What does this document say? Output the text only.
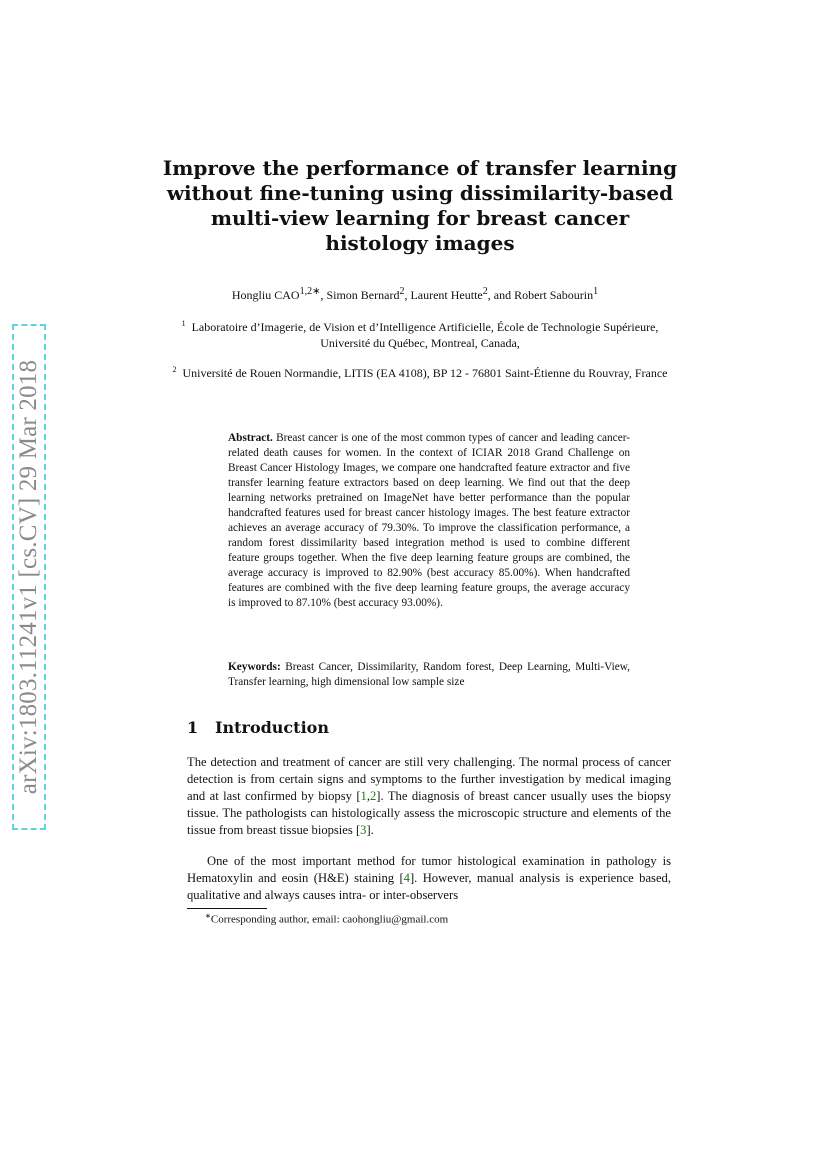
arXiv:1803.11241v1 [cs.CV] 29 Mar 2018
Improve the performance of transfer learning without fine-tuning using dissimilarity-based multi-view learning for breast cancer histology images
Hongliu $CAO^{1,2∗}$, Simon Bernard$^2$, Laurent Heutte$^2$, and Robert Sabourin$^1$
$^1$ Laboratoire d’Imagerie, de Vision et d’Intelligence Artificielle, École de Technologie Supérieure, Université du Québec, Montreal, Canada,
$^2$ Université de Rouen Normandie, LITIS (EA 4108), BP 12 - 76801 Saint-Étienne du Rouvray, France
Abstract. Breast cancer is one of the most common types of cancer and leading cancer-related death causes for women. In the context of ICIAR 2018 Grand Challenge on Breast Cancer Histology Images, we compare one handcrafted feature extractor and five transfer learning feature extractors based on deep learning. We find out that the deep learning networks pretrained on ImageNet have better performance than the popular handcrafted features used for breast cancer histology images. The best feature extractor achieves an average accuracy of 79.30%. To improve the classification performance, a random forest dissimilarity based integration method is used to combine different feature groups together. When the five deep learning feature groups are combined, the average accuracy is improved to 82.90% (best accuracy 85.00%). When handcrafted features are combined with the five deep learning feature groups, the average accuracy is improved to 87.10% (best accuracy 93.00%).
Keywords: Breast Cancer, Dissimilarity, Random forest, Deep Learning, Multi-View, Transfer learning, high dimensional low sample size
1 Introduction
The detection and treatment of cancer are still very challenging. The normal process of cancer detection is from certain signs and symptoms to the further investigation by medical imaging and at last confirmed by biopsy [1,2]. The diagnosis of breast cancer usually uses the biopsy tissue. The pathologists can histologically assess the microscopic structure and elements of the tissue from breast tissue biopsies [3].
One of the most important method for tumor histological examination in pathology is Hematoxylin and eosin (H&E) staining [4]. However, manual analysis is experience based, qualitative and always causes intra- or inter-observers
∗Corresponding author, email: caohongliu@gmail.com
